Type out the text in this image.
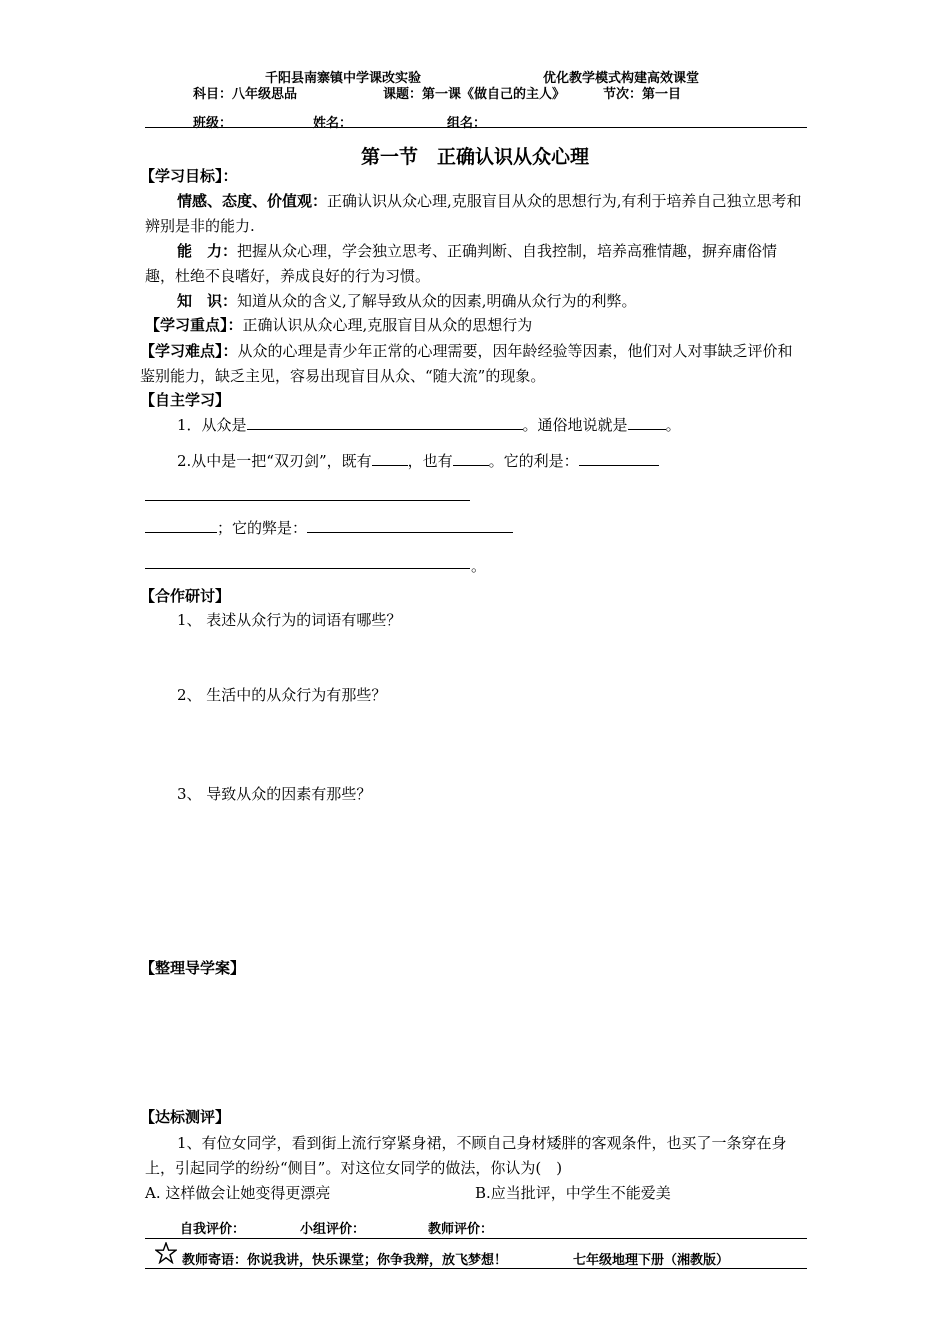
千阳县南寨镇中学课改实验	优化教学模式构建高效课堂
科目：八年级思品	课题：第一课《做自己的主人》	节次：第一目
班级：	姓名：	组名：
第一节　正确认识从众心理
【学习目标】：
情感、态度、价值观：正确认识从众心理,克服盲目从众的思想行为,有利于培养自己独立思考和辨别是非的能力.
能　力：把握从众心理，学会独立思考、正确判断、自我控制，培养高雅情趣，摒弃庸俗情趣，杜绝不良嗜好，养成良好的行为习惯。
知　识：知道从众的含义,了解导致从众的因素,明确从众行为的利弊。
【学习重点】：正确认识从众心理,克服盲目从众的思想行为
【学习难点】：从众的心理是青少年正常的心理需要，因年龄经验等因素，他们对人对事缺乏评价和鉴别能力，缺乏主见，容易出现盲目从众、“随大流”的现象。
【自主学习】
1．从众是	。通俗地说就是	。
2.从中是一把“双刃剑”，既有 ，也有 。它的利是：
；它的弊是：
。
【合作研讨】
1、 表述从众行为的词语有哪些？
2、 生活中的从众行为有那些？
3、 导致从众的因素有那些？
【整理导学案】
【达标测评】
1、有位女同学，看到街上流行穿紧身裙，不顾自己身材矮胖的客观条件，也买了一条穿在身上，引起同学的纷纷“侧目”。对这位女同学的做法，你认为(　)
A. 这样做会让她变得更漂亮	B.应当批评，中学生不能爱美
自我评价：	小组评价：	教师评价：
教师寄语：你说我讲，快乐课堂；你争我辩，放飞梦想！	七年级地理下册（湘教版）
